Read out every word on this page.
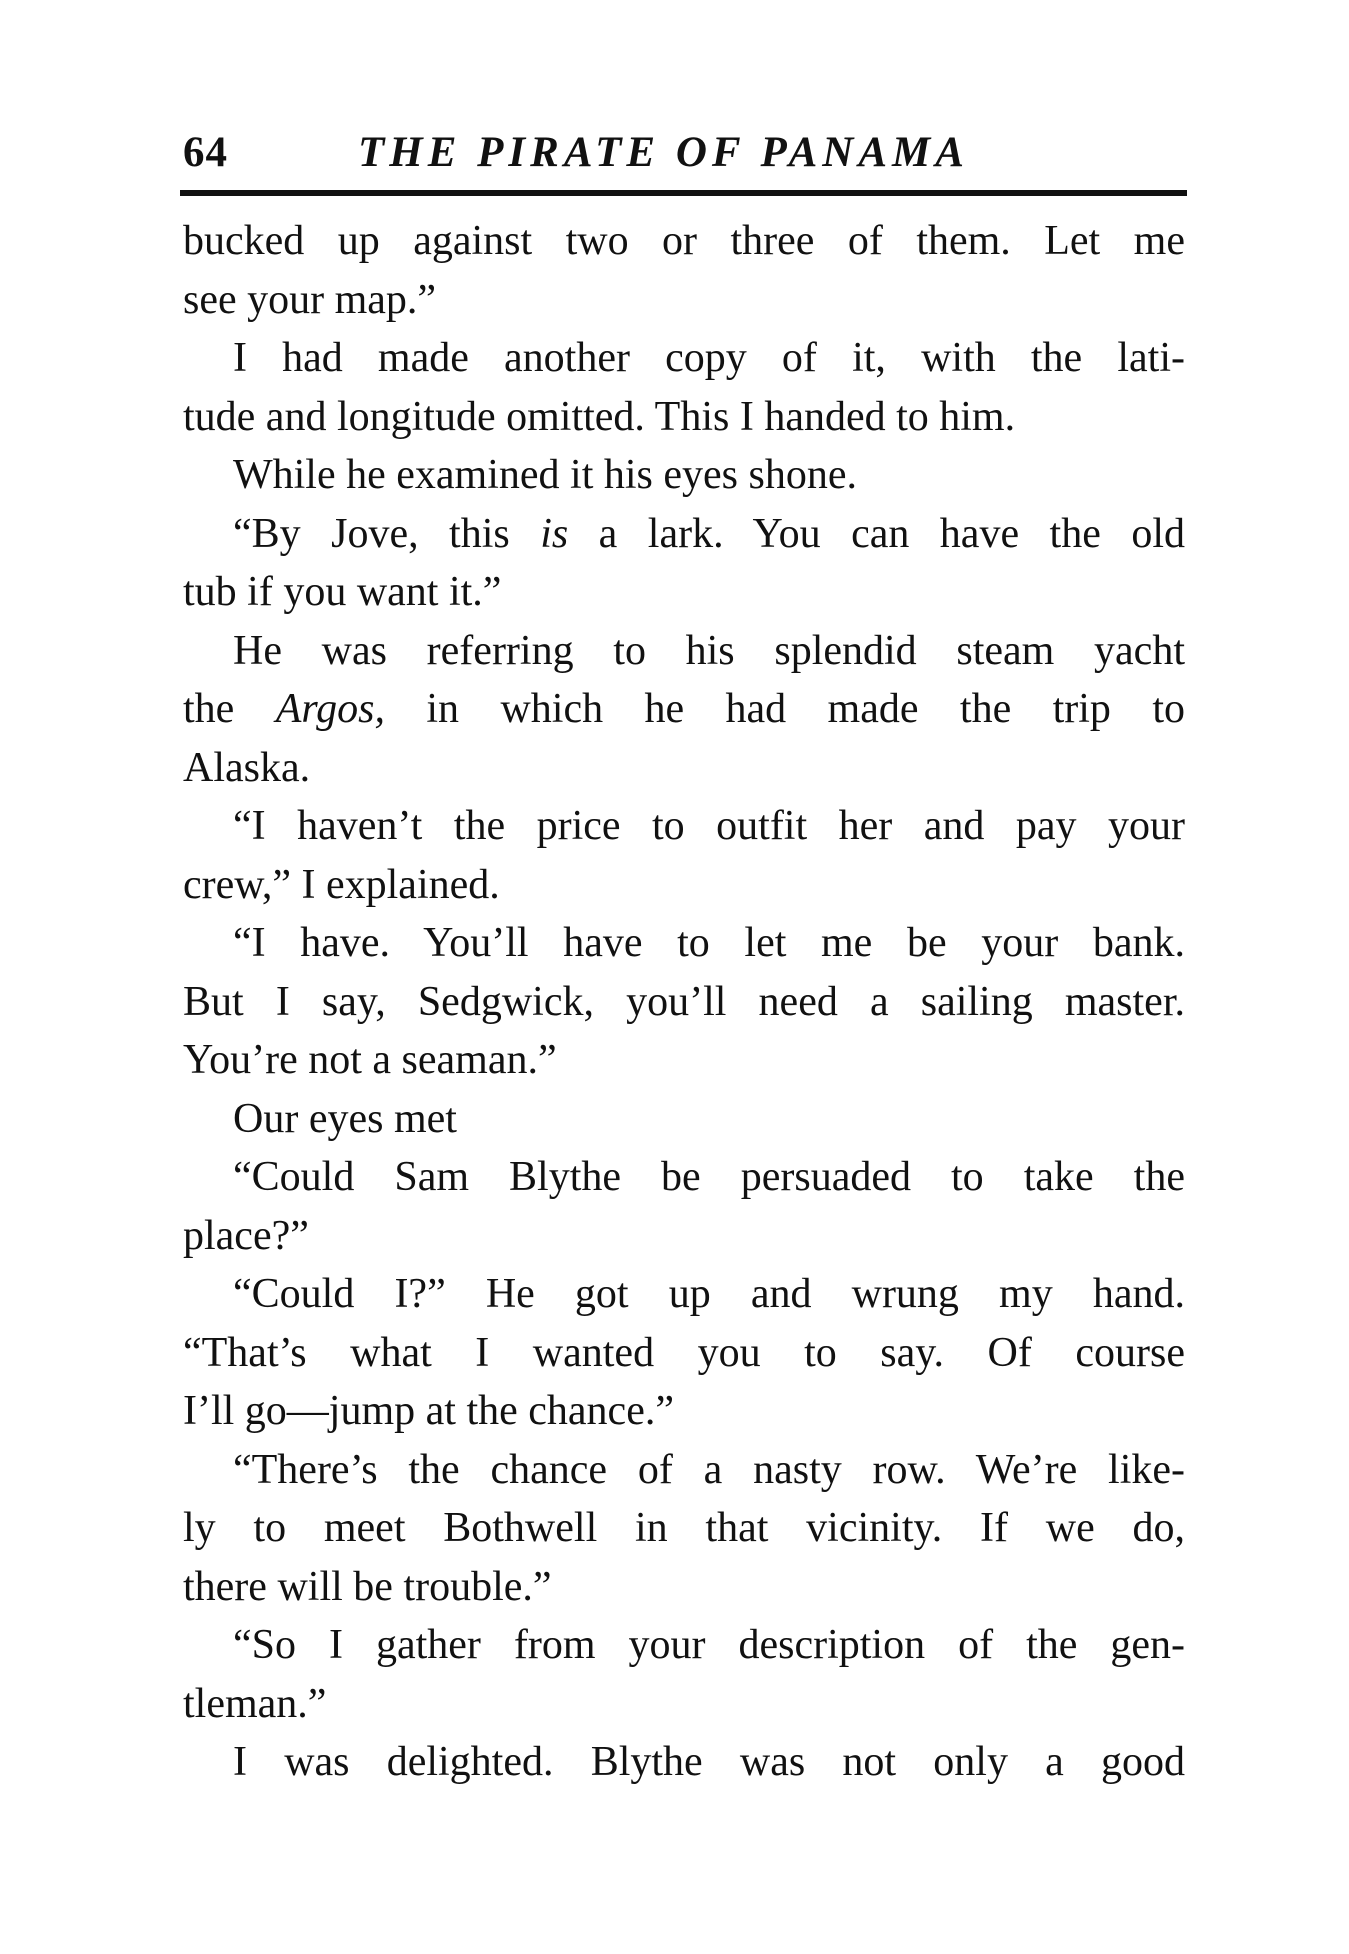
64	THE PIRATE OF PANAMA
bucked up against two or three of them. Let me
see your map.”
I had made another copy of it, with the lati-
tude and longitude omitted. This I handed to him.
While he examined it his eyes shone.
“By Jove, this is a lark. You can have the old
tub if you want it.”
He was referring to his splendid steam yacht
the Argos, in which he had made the trip to
Alaska.
“I haven’t the price to outfit her and pay your
crew,” I explained.
“I have. You’ll have to let me be your bank.
But I say, Sedgwick, you’ll need a sailing master.
You’re not a seaman.”
Our eyes met
“Could Sam Blythe be persuaded to take the
place?”
“Could I?” He got up and wrung my hand.
“That’s what I wanted you to say. Of course
I’ll go—jump at the chance.”
“There’s the chance of a nasty row. We’re like-
ly to meet Bothwell in that vicinity. If we do,
there will be trouble.”
“So I gather from your description of the gen-
tleman.”
I was delighted. Blythe was not only a good
